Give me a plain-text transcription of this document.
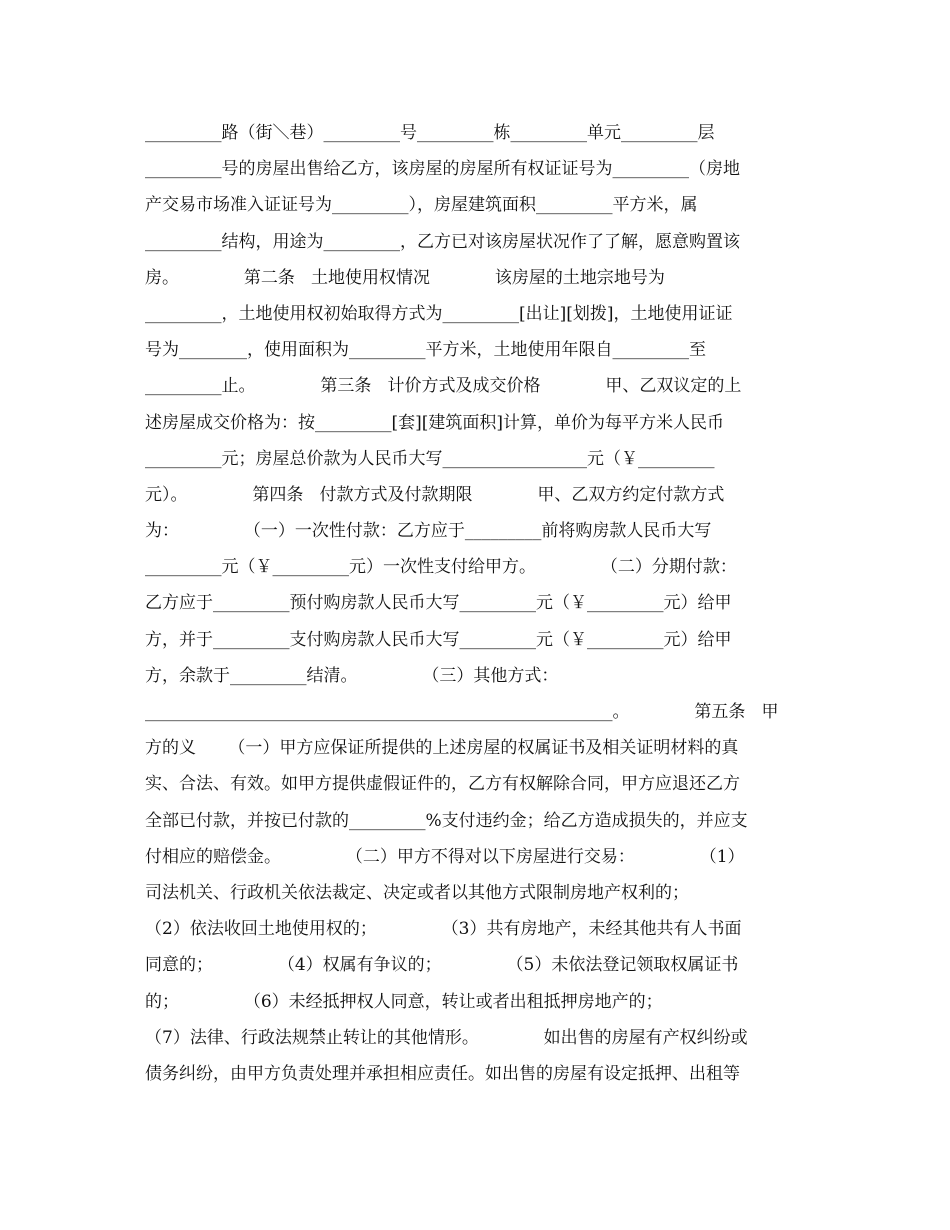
_________路（街＼巷）_________号_________栋_________单元_________层
_________号的房屋出售给乙方，该房屋的房屋所有权证证号为_________（房地
产交易市场准入证证号为_________），房屋建筑面积_________平方米，属
_________结构，用途为_________，乙方已对该房屋状况作了了解，愿意购置该
房。            第二条   土地使用权情况            该房屋的土地宗地号为
_________，土地使用权初始取得方式为_________[出让][划拨]，土地使用证证
号为________，使用面积为_________平方米，土地使用年限自_________至
_________止。            第三条   计价方式及成交价格            甲、乙双议定的上
述房屋成交价格为：按_________[套][建筑面积]计算，单价为每平方米人民币
_________元；房屋总价款为人民币大写_________________元（￥_________
元）。            第四条   付款方式及付款期限            甲、乙双方约定付款方式
为：            （一）一次性付款：乙方应于_________前将购房款人民币大写
_________元（￥_________元）一次性支付给甲方。            （二）分期付款：
乙方应于_________预付购房款人民币大写_________元（￥_________元）给甲
方，并于_________支付购房款人民币大写_________元（￥_________元）给甲
方，余款于_________结清。            （三）其他方式：
_______________________________________________________。            第五条   甲
方的义      （一）甲方应保证所提供的上述房屋的权属证书及相关证明材料的真
实、合法、有效。如甲方提供虚假证件的，乙方有权解除合同，甲方应退还乙方
全部已付款，并按已付款的_________%支付违约金；给乙方造成损失的，并应支
付相应的赔偿金。            （二）甲方不得对以下房屋进行交易：            （1）
司法机关、行政机关依法裁定、决定或者以其他方式限制房地产权利的；
（2）依法收回土地使用权的；            （3）共有房地产，未经其他共有人书面
同意的；            （4）权属有争议的；            （5）未依法登记领取权属证书
的；            （6）未经抵押权人同意，转让或者出租抵押房地产的；
（7）法律、行政法规禁止转让的其他情形。            如出售的房屋有产权纠纷或
债务纠纷，由甲方负责处理并承担相应责任。如出售的房屋有设定抵押、出租等
